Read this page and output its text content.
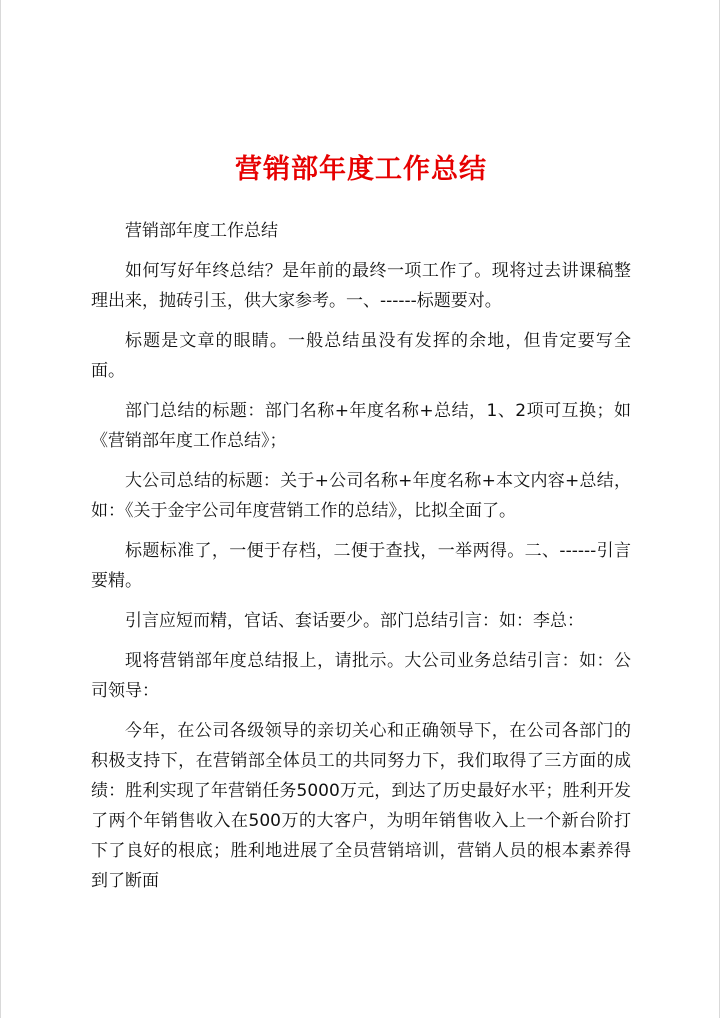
营销部年度工作总结

营销部年度工作总结

如何写好年终总结？是年前的最终一项工作了。现将过去讲课稿整理出来，抛砖引玉，供大家参考。一、------标题要对。

标题是文章的眼睛。一般总结虽没有发挥的余地，但肯定要写全面。

部门总结的标题：部门名称+年度名称+总结，1、2项可互换；如《营销部年度工作总结》；

大公司总结的标题：关于+公司名称+年度名称+本文内容+总结，如：《关于金宇公司年度营销工作的总结》，比拟全面了。

标题标准了，一便于存档，二便于查找，一举两得。二、------引言要精。

引言应短而精，官话、套话要少。部门总结引言：如：李总：

现将营销部年度总结报上，请批示。大公司业务总结引言：如：公司领导：

今年，在公司各级领导的亲切关心和正确领导下，在公司各部门的积极支持下，在营销部全体员工的共同努力下，我们取得了三方面的成绩：胜利实现了年营销任务5000万元，到达了历史最好水平；胜利开发了两个年销售收入在500万的大客户，为明年销售收入上一个新台阶打下了良好的根底；胜利地进展了全员营销培训，营销人员的根本素养得到了断面
